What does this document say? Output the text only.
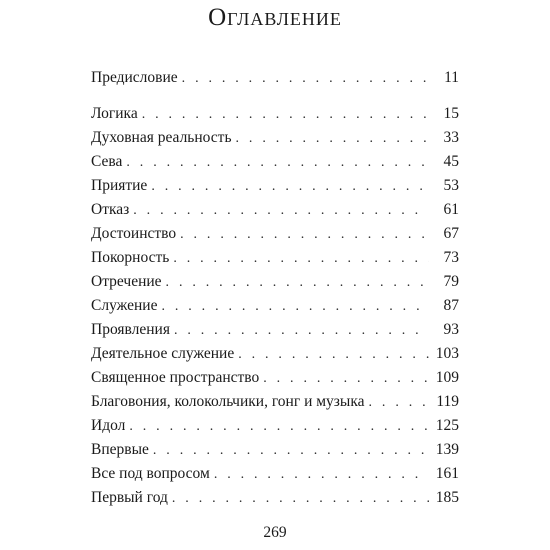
Оглавление
Предисловие . . .	11
Логика . . .	15
Духовная реальность . . .	33
Сева . . .	45
Приятие . . .	53
Отказ . . .	61
Достоинство . . .	67
Покорность . . .	73
Отречение . . .	79
Служение . . .	87
Проявления . . .	93
Деятельное служение . . .	103
Священное пространство . . .	109
Благовония, колокольчики, гонг и музыка . . .	119
Идол . . .	125
Впервые . . .	139
Все под вопросом . . .	161
Первый год . . .	185
269
